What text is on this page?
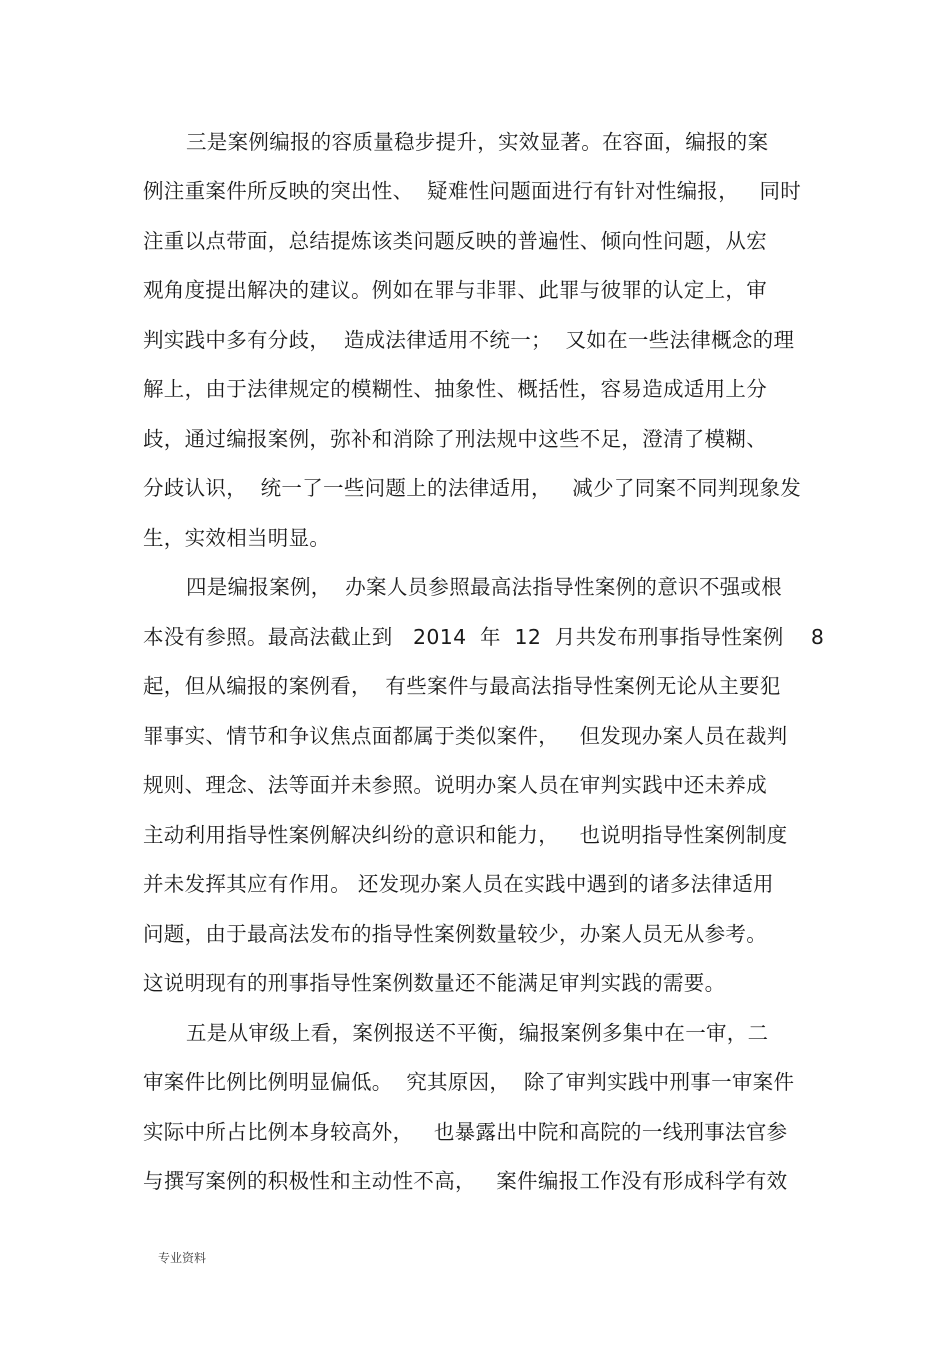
三是案例编报的容质量稳步提升，实效显著。在容面，编报的案
例注重案件所反映的突出性、  疑难性问题面进行有针对性编报，   同时
注重以点带面，总结提炼该类问题反映的普遍性、倾向性问题，从宏
观角度提出解决的建议。例如在罪与非罪、此罪与彼罪的认定上，审
判实践中多有分歧，  造成法律适用不统一；  又如在一些法律概念的理
解上，由于法律规定的模糊性、抽象性、概括性，容易造成适用上分
歧，通过编报案例，弥补和消除了刑法规中这些不足，澄清了模糊、
分歧认识，  统一了一些问题上的法律适用，   减少了同案不同判现象发
生，实效相当明显。
四是编报案例，  办案人员参照最高法指导性案例的意识不强或根
本没有参照。最高法截止到   2014  年  12  月共发布刑事指导性案例    8
起，但从编报的案例看，  有些案件与最高法指导性案例无论从主要犯
罪事实、情节和争议焦点面都属于类似案件，   但发现办案人员在裁判
规则、理念、法等面并未参照。说明办案人员在审判实践中还未养成
主动利用指导性案例解决纠纷的意识和能力，   也说明指导性案例制度
并未发挥其应有作用。 还发现办案人员在实践中遇到的诸多法律适用
问题，由于最高法发布的指导性案例数量较少，办案人员无从参考。
这说明现有的刑事指导性案例数量还不能满足审判实践的需要。
五是从审级上看，案例报送不平衡，编报案例多集中在一审，二
审案件比例比例明显偏低。  究其原因，  除了审判实践中刑事一审案件
实际中所占比例本身较高外，   也暴露出中院和高院的一线刑事法官参
与撰写案例的积极性和主动性不高，   案件编报工作没有形成科学有效
专业资料
